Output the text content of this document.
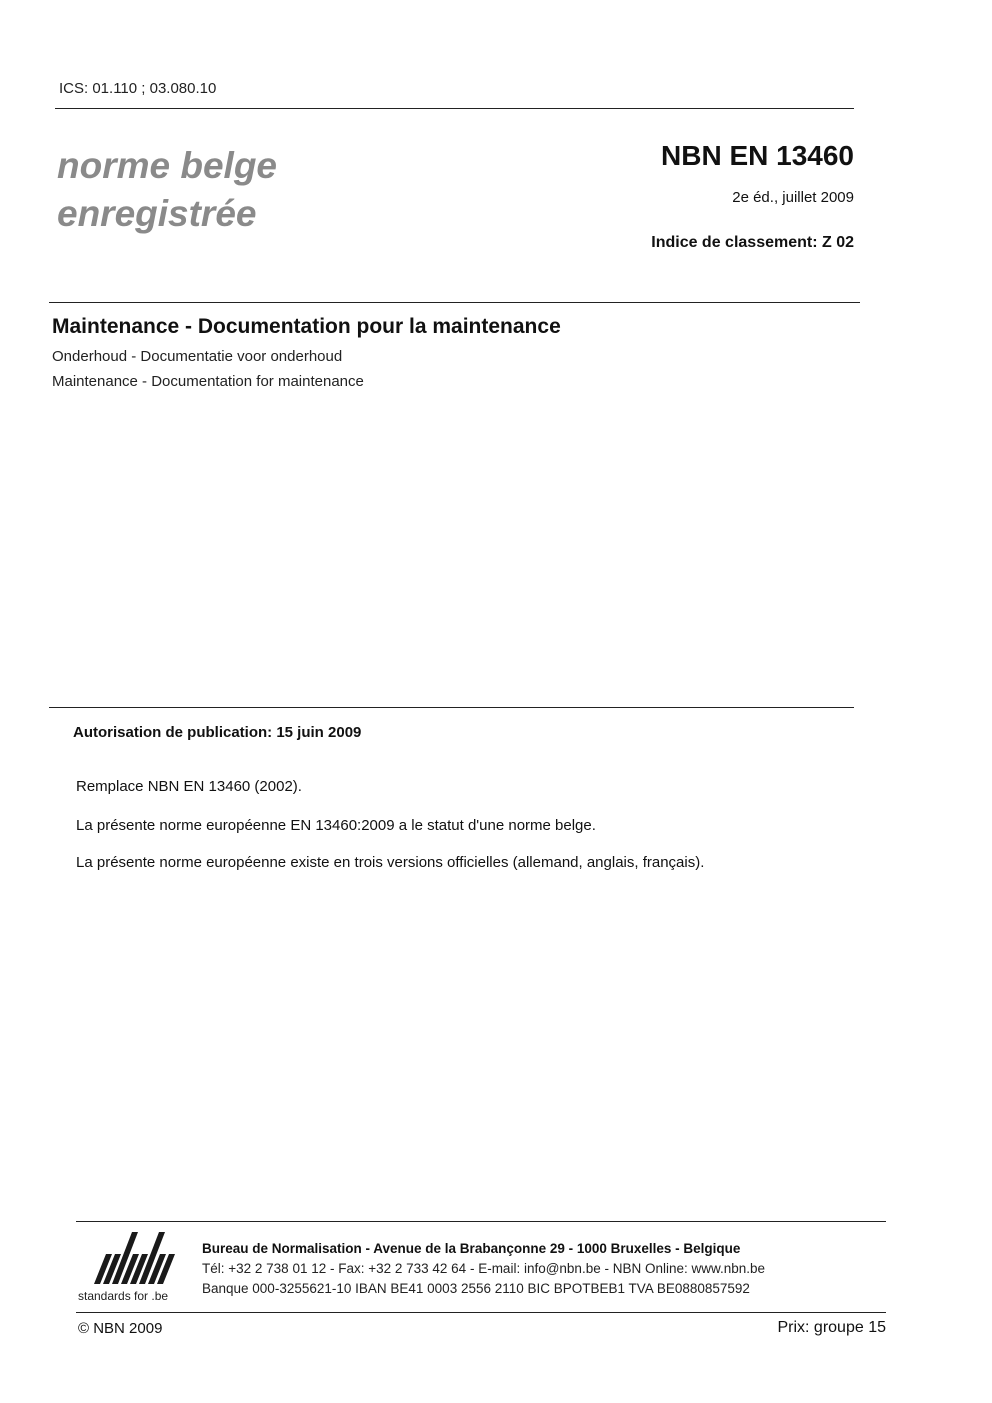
ICS: 01.110 ; 03.080.10
norme belge
enregistrée
NBN EN 13460
2e éd., juillet 2009
Indice de classement: Z 02
Maintenance - Documentation pour la maintenance
Onderhoud - Documentatie voor onderhoud
Maintenance - Documentation for maintenance
Autorisation de publication: 15 juin 2009
Remplace NBN EN 13460 (2002).
La présente norme européenne EN 13460:2009 a le statut d'une norme belge.
La présente norme européenne existe en trois versions officielles (allemand, anglais, français).
standards for .be
Bureau de Normalisation - Avenue de la Brabançonne 29 - 1000 Bruxelles - Belgique
Tél: +32 2 738 01 12 - Fax: +32 2 733 42 64 - E-mail: info@nbn.be - NBN Online: www.nbn.be
Banque 000-3255621-10 IBAN BE41 0003 2556 2110 BIC BPOTBEB1 TVA BE0880857592
© NBN 2009	Prix: groupe 15
